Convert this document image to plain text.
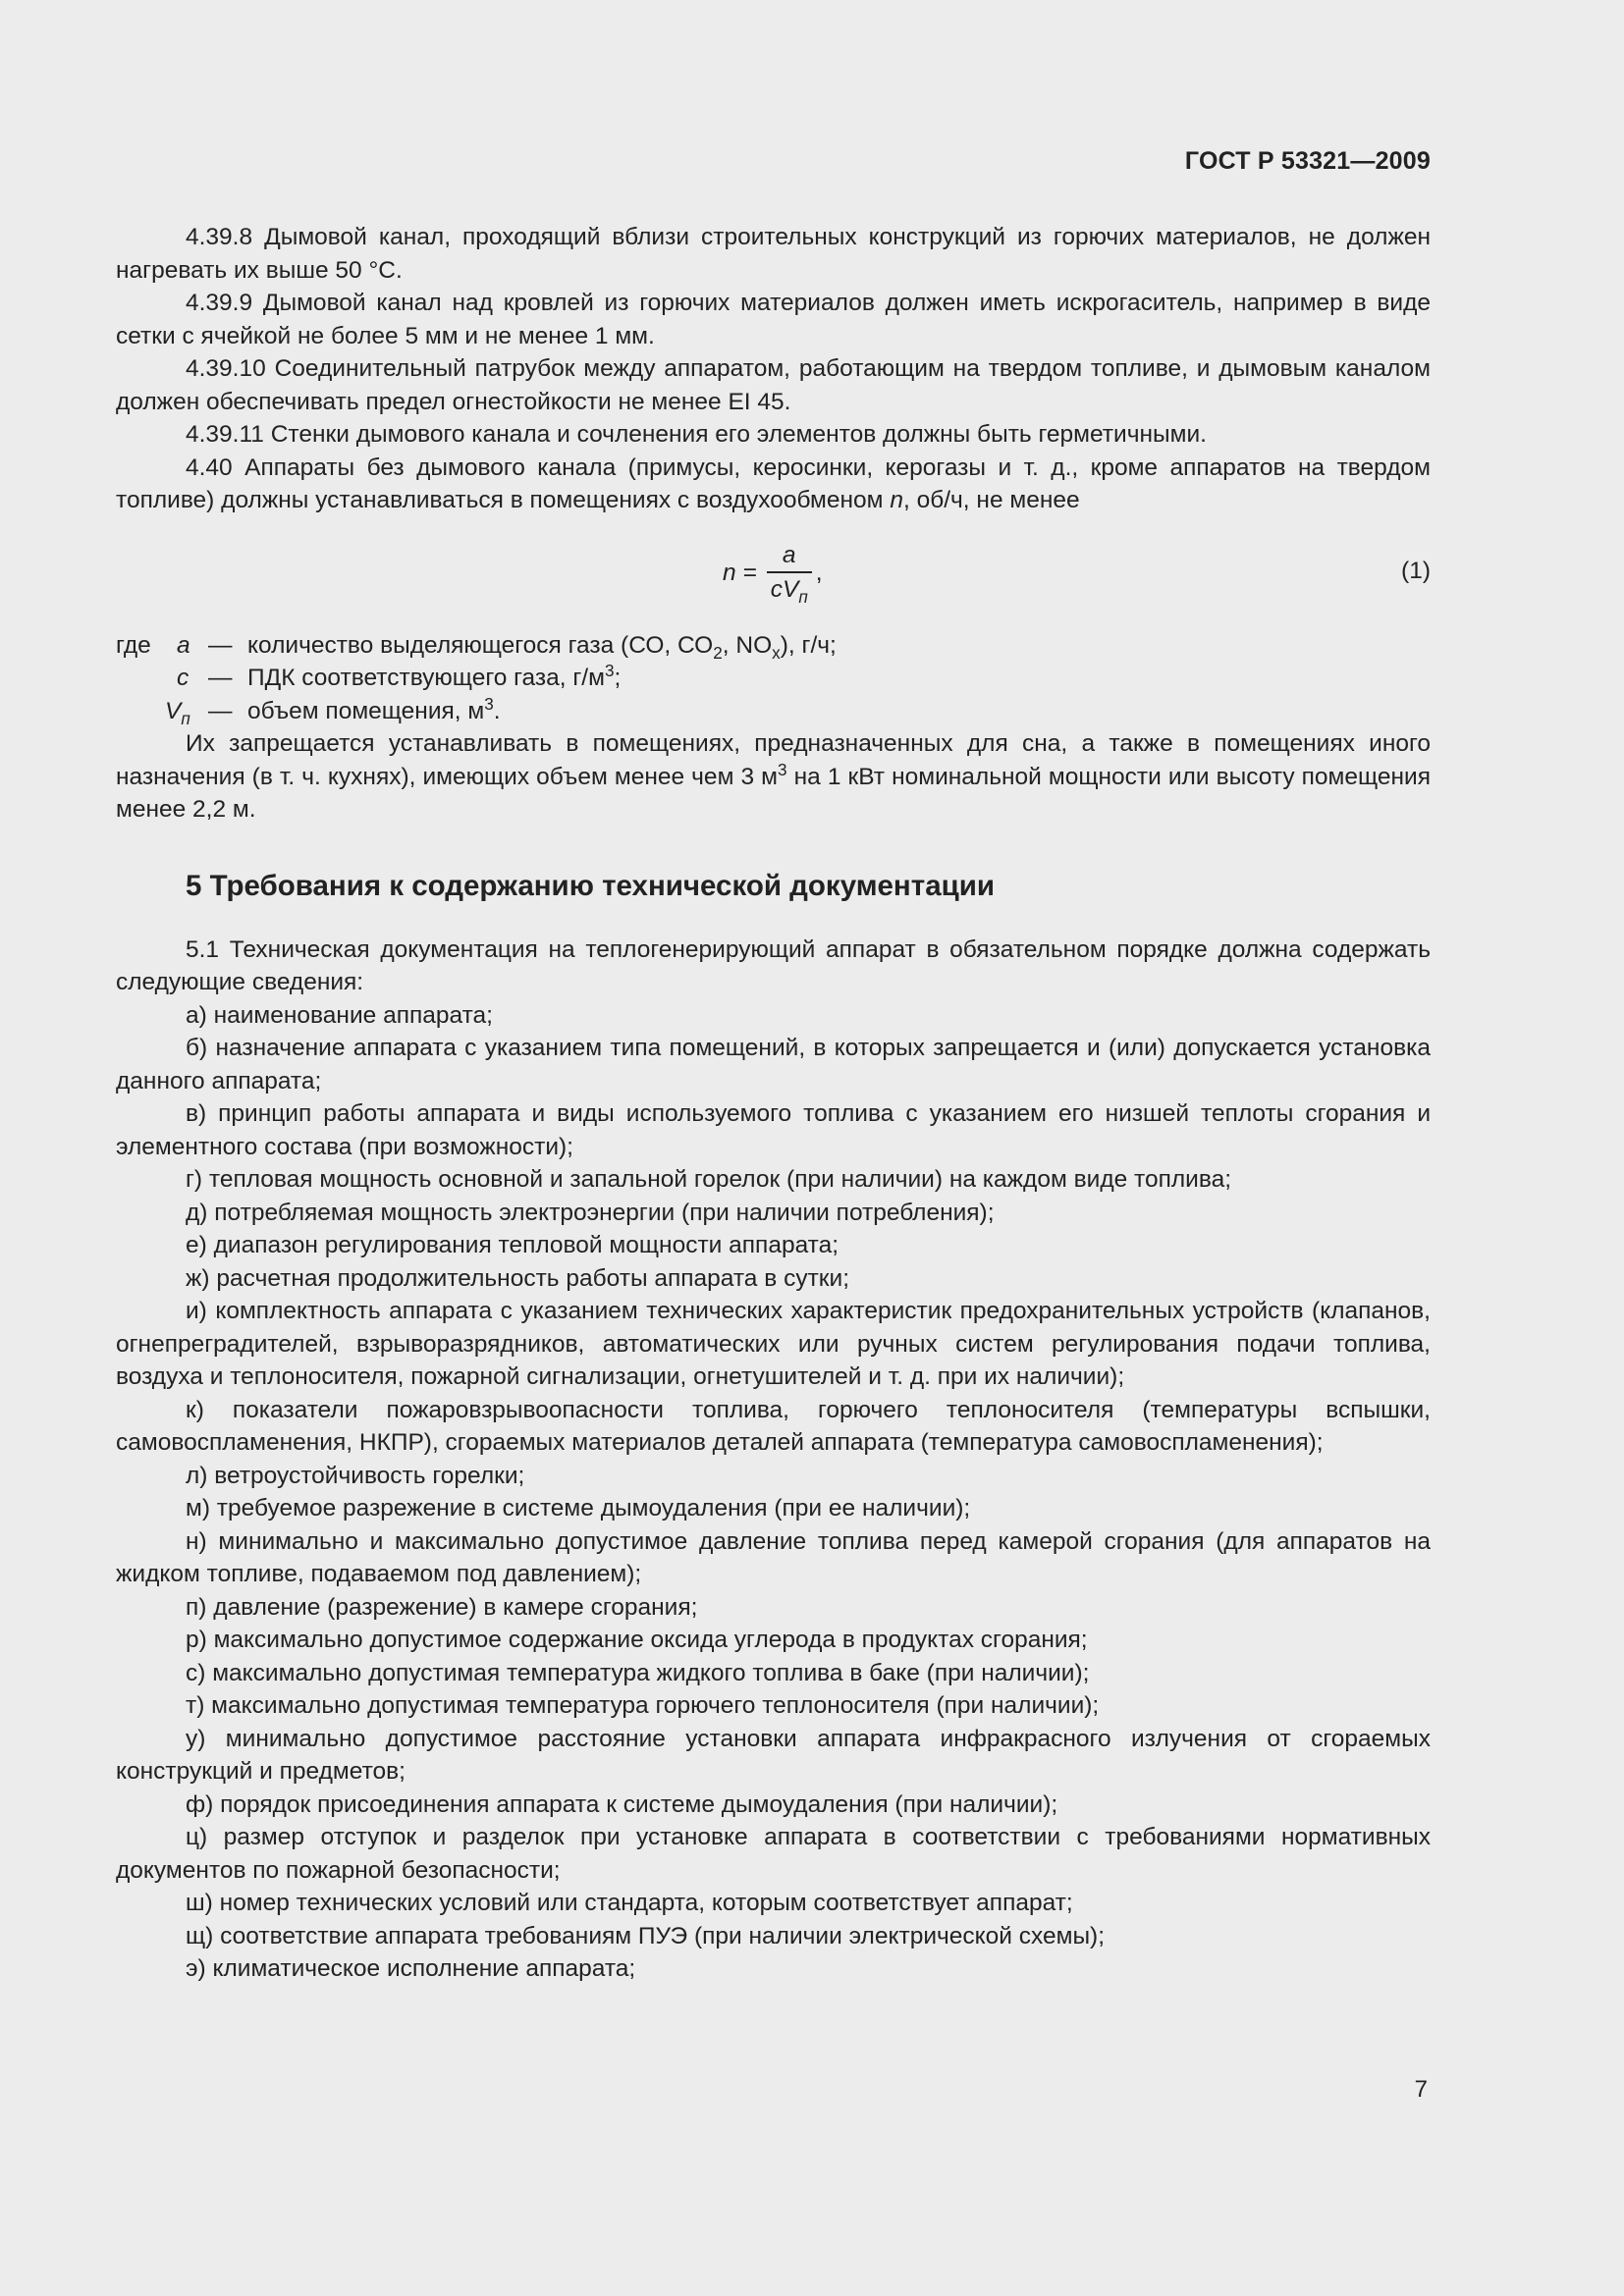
ГОСТ Р 53321—2009

4.39.8 Дымовой канал, проходящий вблизи строительных конструкций из горючих материалов, не должен нагревать их выше 50 °С.

4.39.9 Дымовой канал над кровлей из горючих материалов должен иметь искрогаситель, например в виде сетки с ячейкой не более 5 мм и не менее 1 мм.

4.39.10 Соединительный патрубок между аппаратом, работающим на твердом топливе, и дымовым каналом должен обеспечивать предел огнестойкости не менее EI 45.

4.39.11 Стенки дымового канала и сочленения его элементов должны быть герметичными.

4.40 Аппараты без дымового канала (примусы, керосинки, керогазы и т. д., кроме аппаратов на твердом топливе) должны устанавливаться в помещениях с воздухообменом n, об/ч, не менее

$n = \frac{a}{cV_п}$ ,	(1)
где	a — количество выделяющегося газа (СО, $СО_2$, $NO_x$), г/ч;
c — ПДК соответствующего газа, $г/м^3$;
$V_п$ — объем помещения, $м^3$.

Их запрещается устанавливать в помещениях, предназначенных для сна, а также в помещениях иного назначения (в т. ч. кухнях), имеющих объем менее чем 3 $м^3$ на 1 кВт номинальной мощности или высоту помещения менее 2,2 м.

5 Требования к содержанию технической документации

5.1 Техническая документация на теплогенерирующий аппарат в обязательном порядке должна содержать следующие сведения:

а) наименование аппарата;

б) назначение аппарата с указанием типа помещений, в которых запрещается и (или) допускается установка данного аппарата;

в) принцип работы аппарата и виды используемого топлива с указанием его низшей теплоты сгорания и элементного состава (при возможности);

г) тепловая мощность основной и запальной горелок (при наличии) на каждом виде топлива;

д) потребляемая мощность электроэнергии (при наличии потребления);

е) диапазон регулирования тепловой мощности аппарата;

ж) расчетная продолжительность работы аппарата в сутки;

и) комплектность аппарата с указанием технических характеристик предохранительных устройств (клапанов, огнепреградителей, взрыворазрядников, автоматических или ручных систем регулирования подачи топлива, воздуха и теплоносителя, пожарной сигнализации, огнетушителей и т. д. при их наличии);

к) показатели пожаровзрывоопасности топлива, горючего теплоносителя (температуры вспышки, самовоспламенения, НКПР), сгораемых материалов деталей аппарата (температура самовоспламенения);

л) ветроустойчивость горелки;

м) требуемое разрежение в системе дымоудаления (при ее наличии);

н) минимально и максимально допустимое давление топлива перед камерой сгорания (для аппаратов на жидком топливе, подаваемом под давлением);

п) давление (разрежение) в камере сгорания;

р) максимально допустимое содержание оксида углерода в продуктах сгорания;

с) максимально допустимая температура жидкого топлива в баке (при наличии);

т) максимально допустимая температура горючего теплоносителя (при наличии);

у) минимально допустимое расстояние установки аппарата инфракрасного излучения от сгораемых конструкций и предметов;

ф) порядок присоединения аппарата к системе дымоудаления (при наличии);

ц) размер отступок и разделок при установке аппарата в соответствии с требованиями нормативных документов по пожарной безопасности;

ш) номер технических условий или стандарта, которым соответствует аппарат;

щ) соответствие аппарата требованиям ПУЭ (при наличии электрической схемы);

э) климатическое исполнение аппарата;

7
